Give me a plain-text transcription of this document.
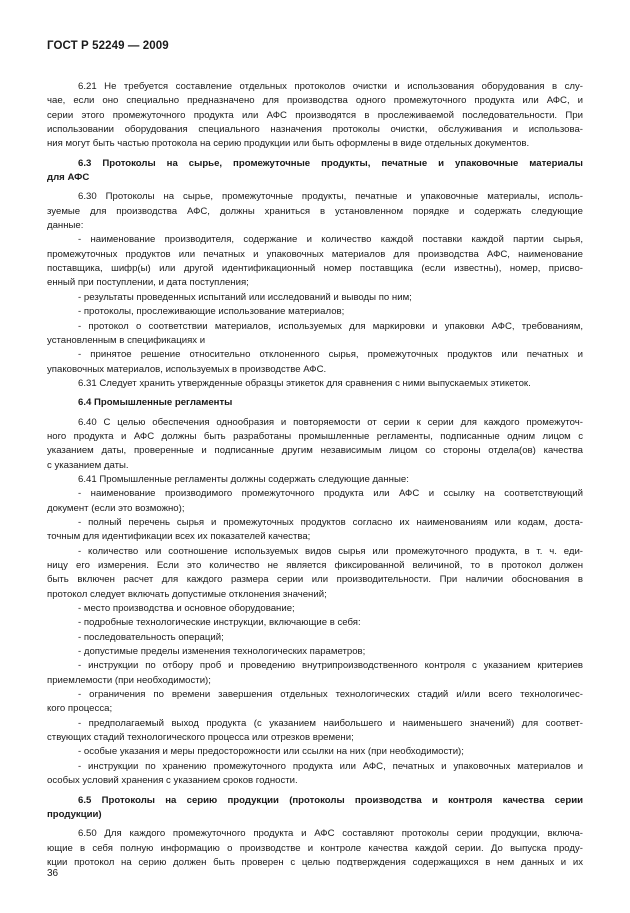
ГОСТ Р 52249 — 2009
6.21 Не требуется составление отдельных протоколов очистки и использования оборудования в слу-
чае, если оно специально предназначено для производства одного промежуточного продукта или АФС, и
серии этого промежуточного продукта или АФС производятся в прослеживаемой последовательности. При
использовании оборудования специального назначения протоколы очистки, обслуживания и использова-
ния могут быть частью протокола на серию продукции или быть оформлены в виде отдельных документов.
6.3 Протоколы на сырье, промежуточные продукты, печатные и упаковочные материалы
для АФС
6.30 Протоколы на сырье, промежуточные продукты, печатные и упаковочные материалы, исполь-
зуемые для производства АФС, должны храниться в установленном порядке и содержать следующие
данные:
- наименование производителя, содержание и количество каждой поставки каждой партии сырья,
промежуточных продуктов или печатных и упаковочных материалов для производства АФС, наименование
поставщика, шифр(ы) или другой идентификационный номер поставщика (если известны), номер, присво-
енный при поступлении, и дата поступления;
- результаты проведенных испытаний или исследований и выводы по ним;
- протоколы, прослеживающие использование материалов;
- протокол о соответствии материалов, используемых для маркировки и упаковки АФС, требованиям,
установленным в спецификациях и
- принятое решение относительно отклоненного сырья, промежуточных продуктов или печатных и
упаковочных материалов, используемых в производстве АФС.
6.31 Следует хранить утвержденные образцы этикеток для сравнения с ними выпускаемых этикеток.
6.4 Промышленные регламенты
6.40 С целью обеспечения однообразия и повторяемости от серии к серии для каждого промежуточ-
ного продукта и АФС должны быть разработаны промышленные регламенты, подписанные одним лицом с
указанием даты, проверенные и подписанные другим независимым лицом со стороны отдела(ов) качества
с указанием даты.
6.41 Промышленные регламенты должны содержать следующие данные:
- наименование производимого промежуточного продукта или АФС и ссылку на соответствующий
документ (если это возможно);
- полный перечень сырья и промежуточных продуктов согласно их наименованиям или кодам, доста-
точным для идентификации всех их показателей качества;
- количество или соотношение используемых видов сырья или промежуточного продукта, в т. ч. еди-
ницу его измерения. Если это количество не является фиксированной величиной, то в протокол должен
быть включен расчет для каждого размера серии или производительности. При наличии обоснования в
протокол следует включать допустимые отклонения значений;
- место производства и основное оборудование;
- подробные технологические инструкции, включающие в себя:
- последовательность операций;
- допустимые пределы изменения технологических параметров;
- инструкции по отбору проб и проведению внутрипроизводственного контроля с указанием критериев
приемлемости (при необходимости);
- ограничения по времени завершения отдельных технологических стадий и/или всего технологичес-
кого процесса;
- предполагаемый выход продукта (с указанием наибольшего и наименьшего значений) для соответ-
ствующих стадий технологического процесса или отрезков времени;
- особые указания и меры предосторожности или ссылки на них (при необходимости);
- инструкции по хранению промежуточного продукта или АФС, печатных и упаковочных материалов и
особых условий хранения с указанием сроков годности.
6.5 Протоколы на серию продукции (протоколы производства и контроля качества серии
продукции)
6.50 Для каждого промежуточного продукта и АФС составляют протоколы серии продукции, включа-
ющие в себя полную информацию о производстве и контроле качества каждой серии. До выпуска проду-
кции протокол на серию должен быть проверен с целью подтверждения содержащихся в нем данных и их
36
